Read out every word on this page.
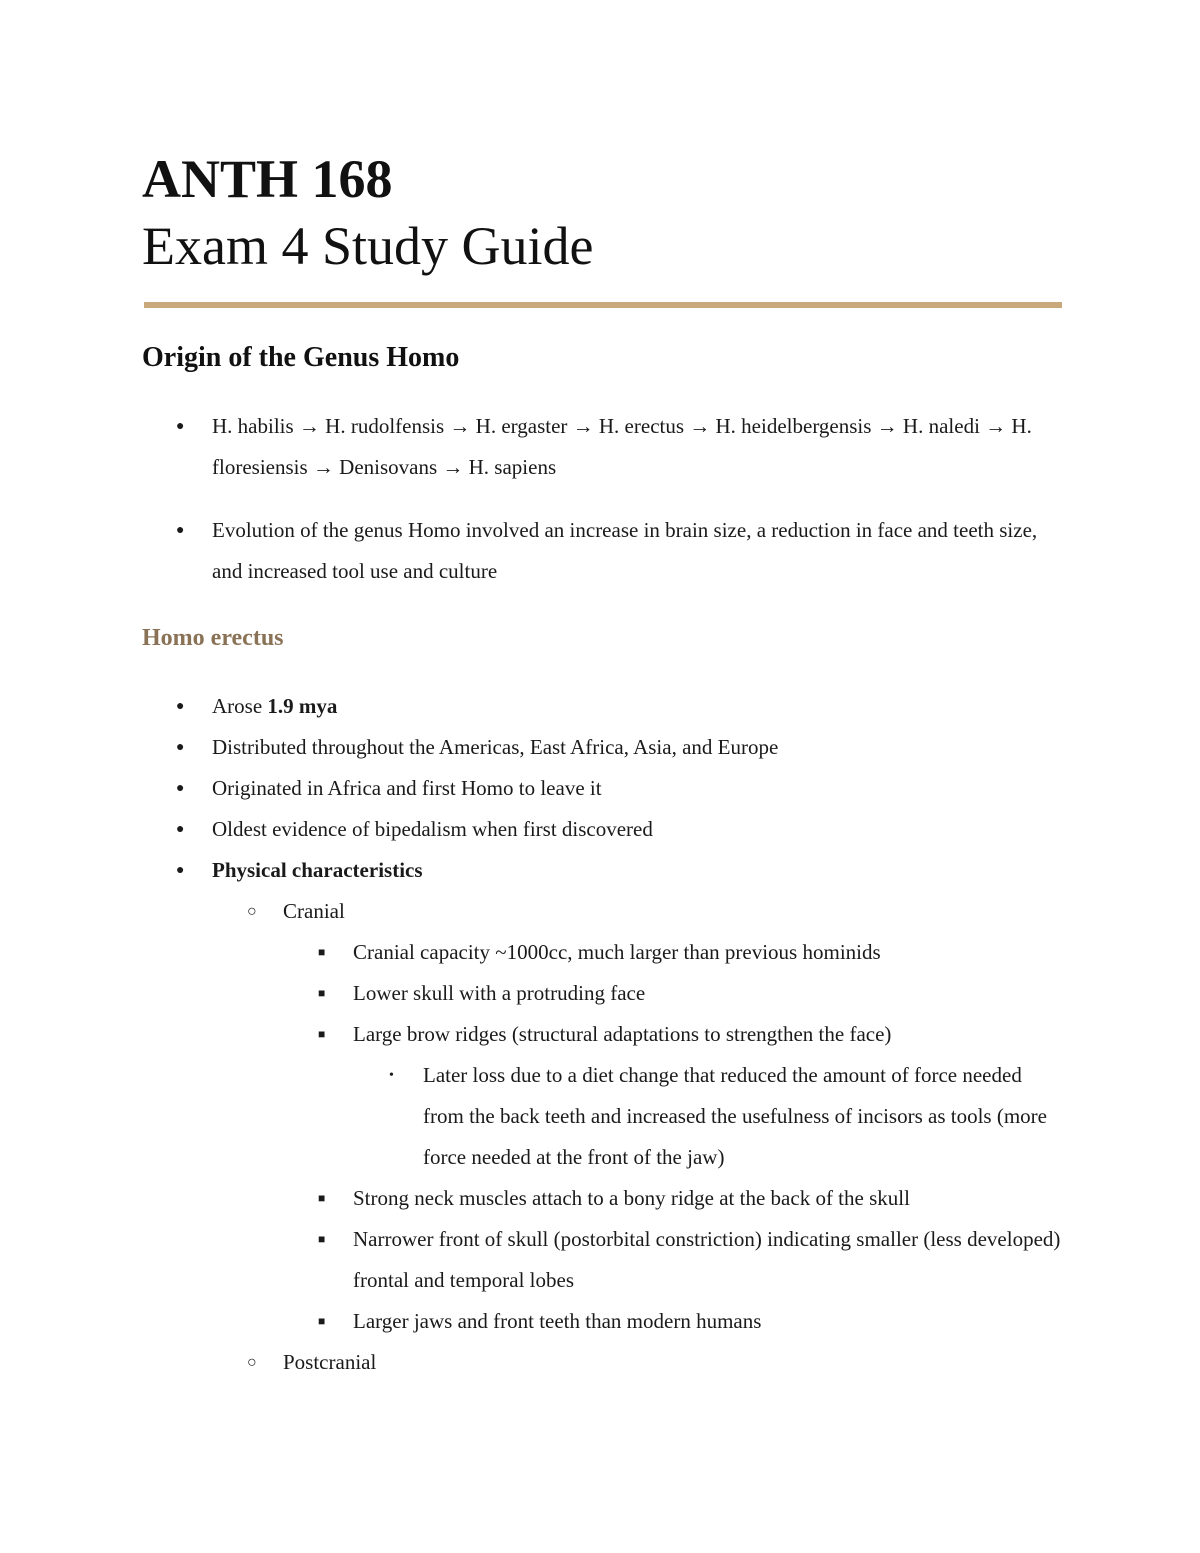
ANTH 168
Exam 4 Study Guide
Origin of the Genus Homo
● H. habilis → H. rudolfensis → H. ergaster → H. erectus → H. heidelbergensis → H. naledi → H. floresiensis → Denisovans → H. sapiens
● Evolution of the genus Homo involved an increase in brain size, a reduction in face and teeth size, and increased tool use and culture
Homo erectus
● Arose 1.9 mya
● Distributed throughout the Americas, East Africa, Asia, and Europe
● Originated in Africa and first Homo to leave it
● Oldest evidence of bipedalism when first discovered
● Physical characteristics
○ Cranial
■ Cranial capacity ~1000cc, much larger than previous hominids
■ Lower skull with a protruding face
■ Large brow ridges (structural adaptations to strengthen the face)
• Later loss due to a diet change that reduced the amount of force needed from the back teeth and increased the usefulness of incisors as tools (more force needed at the front of the jaw)
■ Strong neck muscles attach to a bony ridge at the back of the skull
■ Narrower front of skull (postorbital constriction) indicating smaller (less developed) frontal and temporal lobes
■ Larger jaws and front teeth than modern humans
○ Postcranial
